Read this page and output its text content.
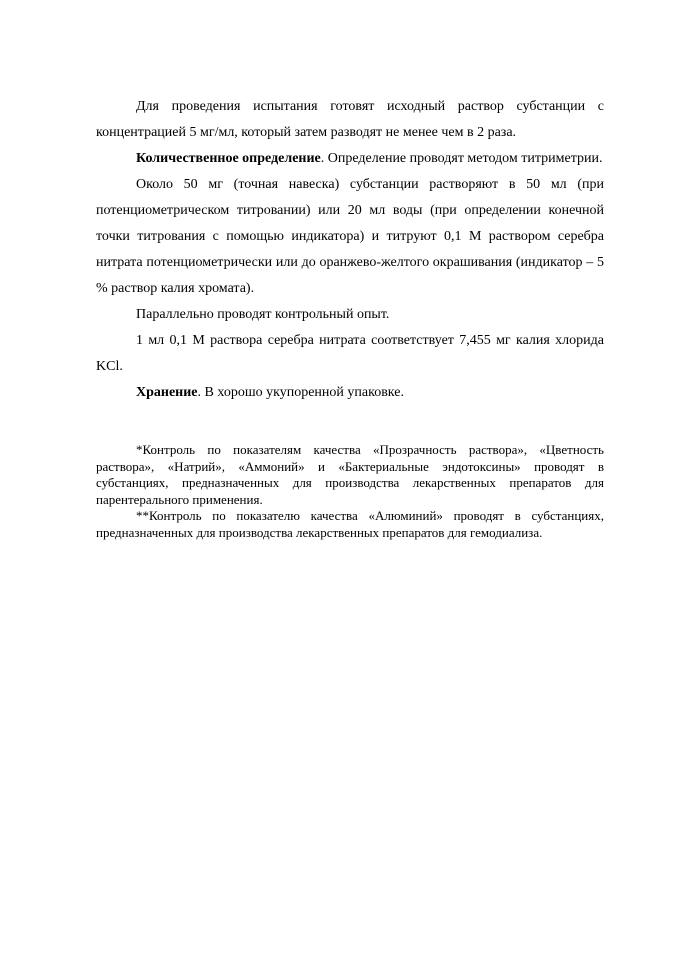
Для проведения испытания готовят исходный раствор субстанции с концентрацией 5 мг/мл, который затем разводят не менее чем в 2 раза.

Количественное определение. Определение проводят методом титриметрии.

Около 50 мг (точная навеска) субстанции растворяют в 50 мл (при потенциометрическом титровании) или 20 мл воды (при определении конечной точки титрования с помощью индикатора) и титруют 0,1 М раствором серебра нитрата потенциометрически или до оранжево-желтого окрашивания (индикатор – 5 % раствор калия хромата).

Параллельно проводят контрольный опыт.

1 мл 0,1 М раствора серебра нитрата соответствует 7,455 мг калия хлорида KCl.

Хранение. В хорошо укупоренной упаковке.

*Контроль по показателям качества «Прозрачность раствора», «Цветность раствора», «Натрий», «Аммоний» и «Бактериальные эндотоксины» проводят в субстанциях, предназначенных для производства лекарственных препаратов для парентерального применения.

**Контроль по показателю качества «Алюминий» проводят в субстанциях, предназначенных для производства лекарственных препаратов для гемодиализа.
